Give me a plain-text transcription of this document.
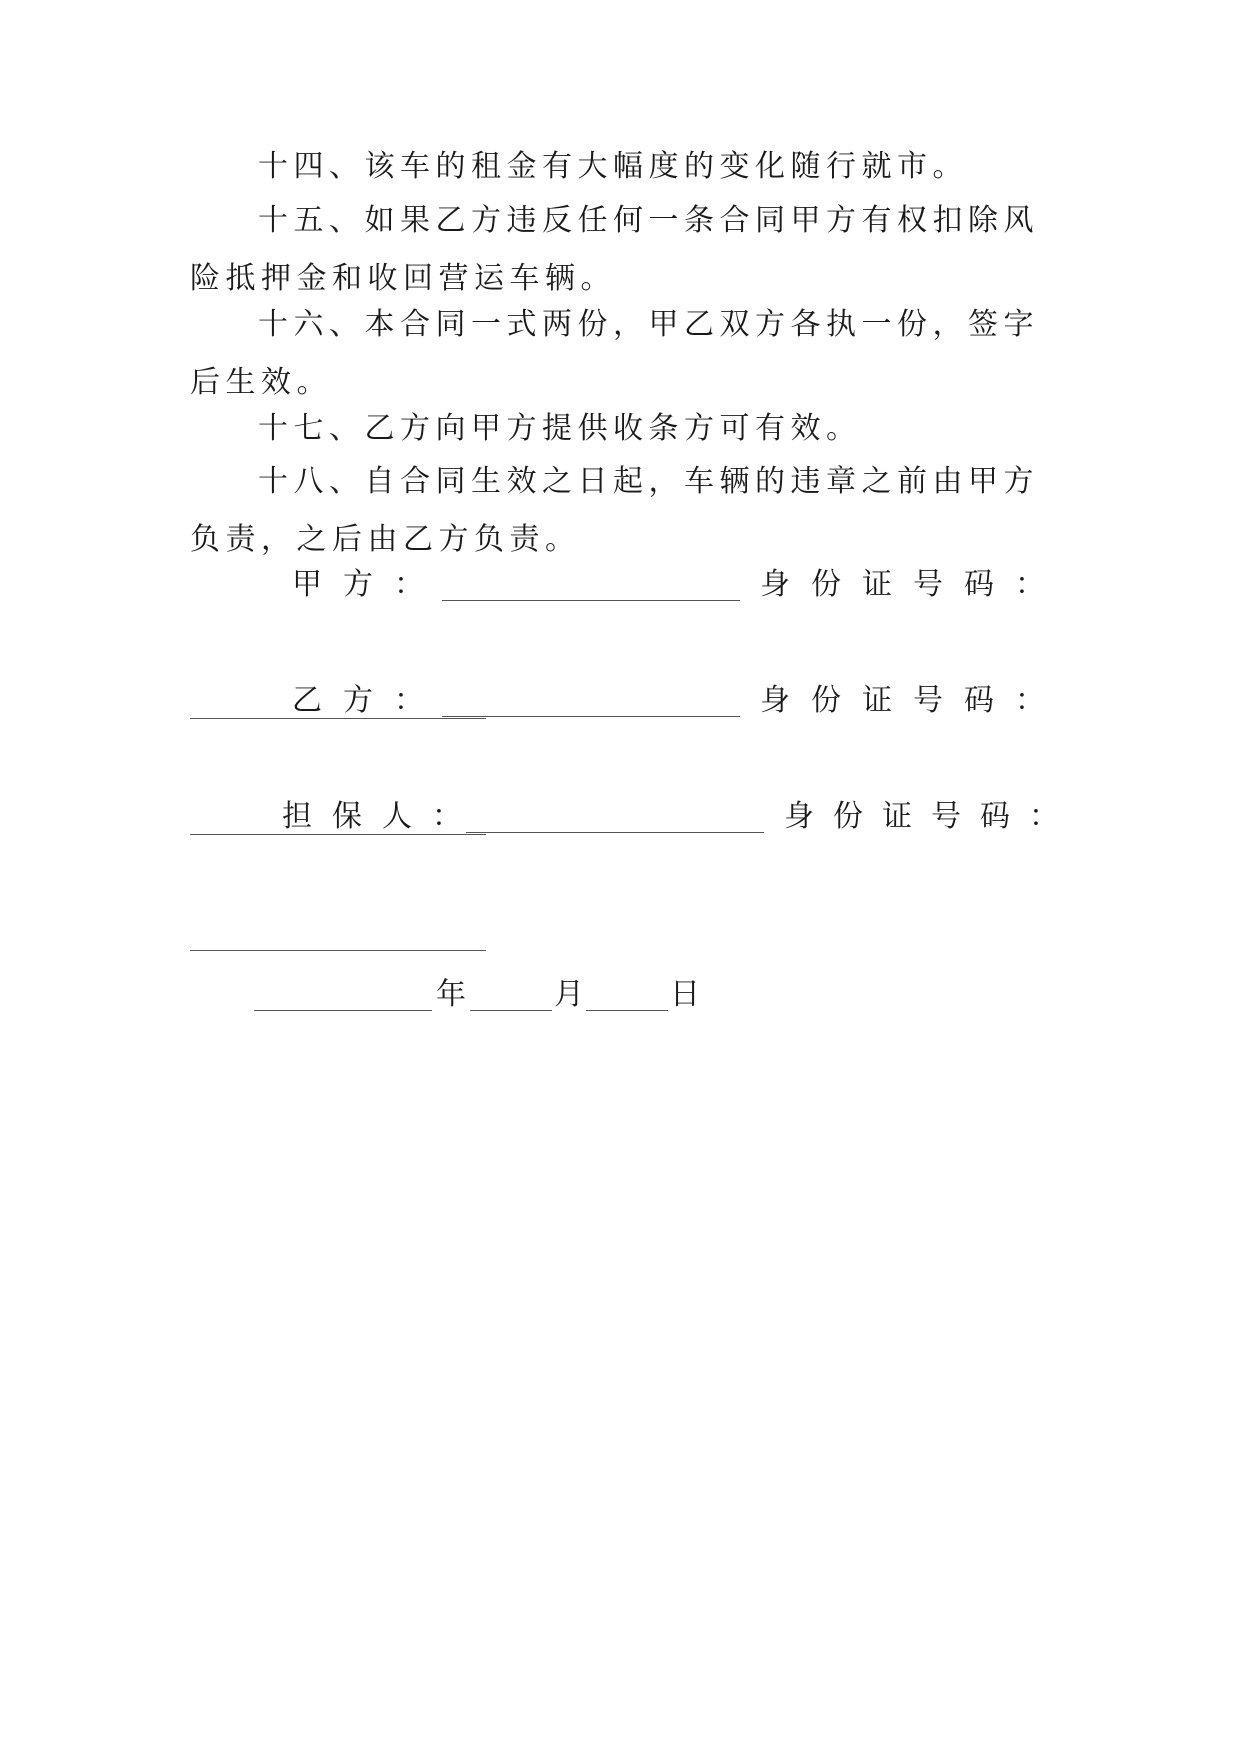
十四、该车的租金有大幅度的变化随行就市。

十五、如果乙方违反任何一条合同甲方有权扣除风险抵押金和收回营运车辆。

十六、本合同一式两份，甲乙双方各执一份，签字后生效。

十七、乙方向甲方提供收条方可有效。

十八、自合同生效之日起，车辆的违章之前由甲方负责，之后由乙方负责。

甲方：	身份证号码：
乙方：	身份证号码：
担保人：	身份证号码：
年	月	日
